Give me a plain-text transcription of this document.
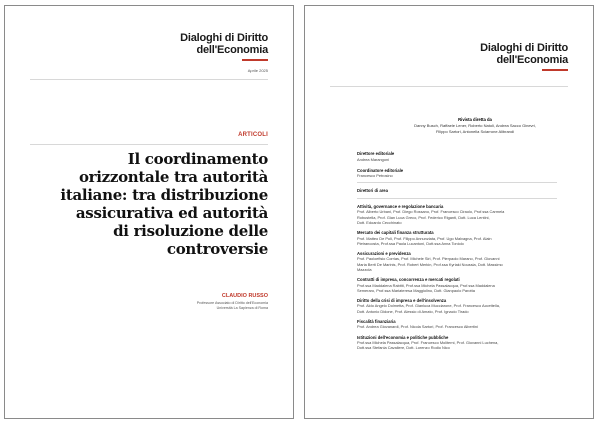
Dialoghi di Diritto
dell'Economia
Aprile 2025
ARTICOLI
Il coordinamento
orizzontale tra autorità
italiane: tra distribuzione
assicurativa ed autorità
di risoluzione delle
controversie
CLAUDIO RUSSO
Professore Associato di Diritto dell'Economia
Università La Sapienza di Roma
Dialoghi di Diritto
dell'Economia
Rivista diretta da
Danny Busch, Raffaele Lener, Roberto Natoli, Andrea Sacco Ginevri,
Filippo Sartori, Antonella Sciarrone Alibrandi
Direttore editoriale
Andrea Marangoni
Coordinatore editoriale
Francesco Petrosino
Direttori di area
Attività, governance e regolazione bancaria
Prof. Alberto Urbani, Prof. Diego Rossano, Prof. Francesco Ciraolo, Prof.ssa Carmela
Robustella, Prof. Gian Luca Greco, Prof. Federico Riganti, Dott. Luca Lentini,
Dott. Edoardo Cecchinato
Mercato dei capitali finanza strutturata
Prof. Matteo De Poli, Prof. Filippo Annunziata, Prof. Ugo Malvagna, Prof. Alain
Pietrancosta, Prof.ssa Paola Lucantoni, Dott.ssa Anna Toniolo
Assicurazioni e previdenza
Prof. Paoloefisio Corrias, Prof. Michele Siri, Prof. Pierpaolo Marano, Prof. Giovanni
Maria Berti De Marinis, Prof. Robert Merkin, Prof.ssa Kyriaki Noussia, Dott. Massimo
Mazzola
Contratti di impresa, concorrenza e mercati regolati
Prof.ssa Maddalena Rabitti, Prof.ssa Michela Passalacqua, Prof.ssa Maddalena
Semeraro, Prof.ssa Mariateresa Maggiolino, Dott. Gianpaolo Parotta
Diritto della crisi di impresa e dell'insolvenza
Prof. Aldo Angelo Dolmetta, Prof. Gianluca Mucciarone, Prof. Francesco Accettella,
Dott. Antonio Didone, Prof. Alessio di Amato, Prof. Ignacio Tirado
Fiscalità finanziaria
Prof. Andrea Giovanardi, Prof. Nicola Sartori, Prof. Francesco Albertini
Istituzioni dell'economia e politiche pubbliche
Prof.ssa Michela Passalacqua, Prof. Francesco Moliterni, Prof. Giovanni Luchena,
Dott.ssa Stefania Cavaliere, Dott. Lorenzo Rodio Nico
